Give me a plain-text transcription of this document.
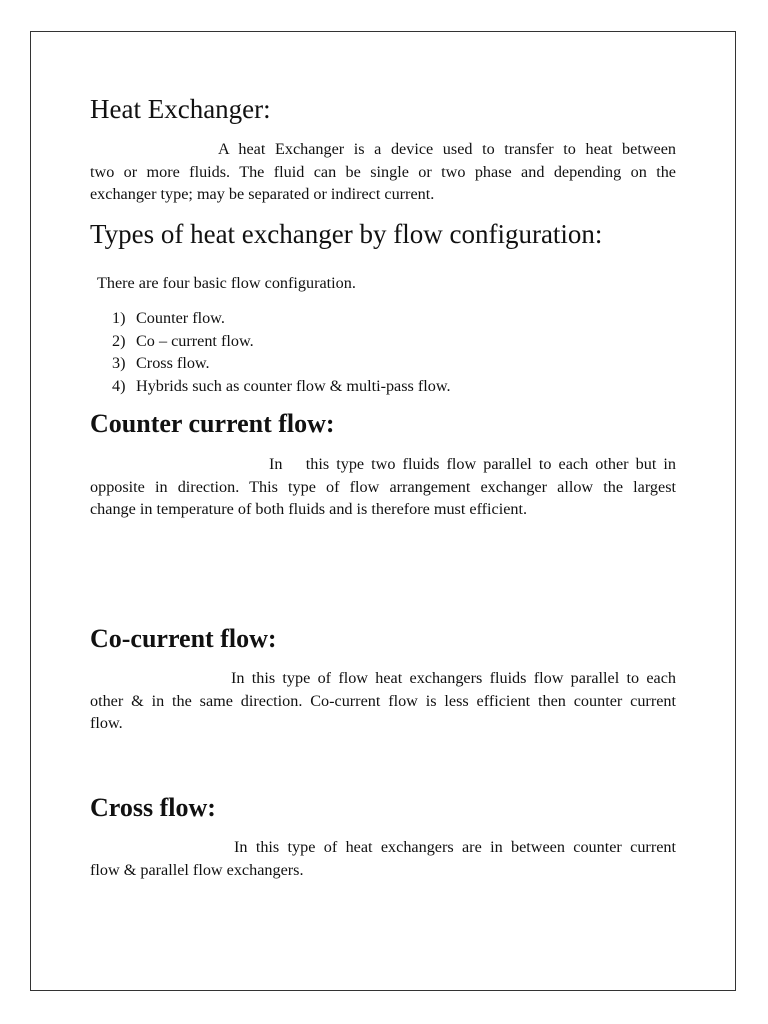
Heat Exchanger:
A heat Exchanger is a device used to transfer to heat between
two or more fluids. The fluid can be single or two phase and depending on the
exchanger type; may be separated or indirect current.
Types of heat exchanger by flow configuration:

There are four basic flow configuration.

1) Counter flow.
2) Co – current flow.
3) Cross flow.
4) Hybrids such as counter flow & multi-pass flow.
Counter current flow:
In  this type two fluids flow parallel to each other but in
opposite in direction. This type of flow arrangement exchanger allow the largest
change in temperature of both fluids and is therefore must efficient.
Co-current flow:
In this type of flow heat exchangers fluids flow parallel to each
other & in the same direction. Co-current flow is less efficient then counter current
flow.
Cross flow:
In this type of heat exchangers are in between counter current
flow & parallel flow exchangers.
